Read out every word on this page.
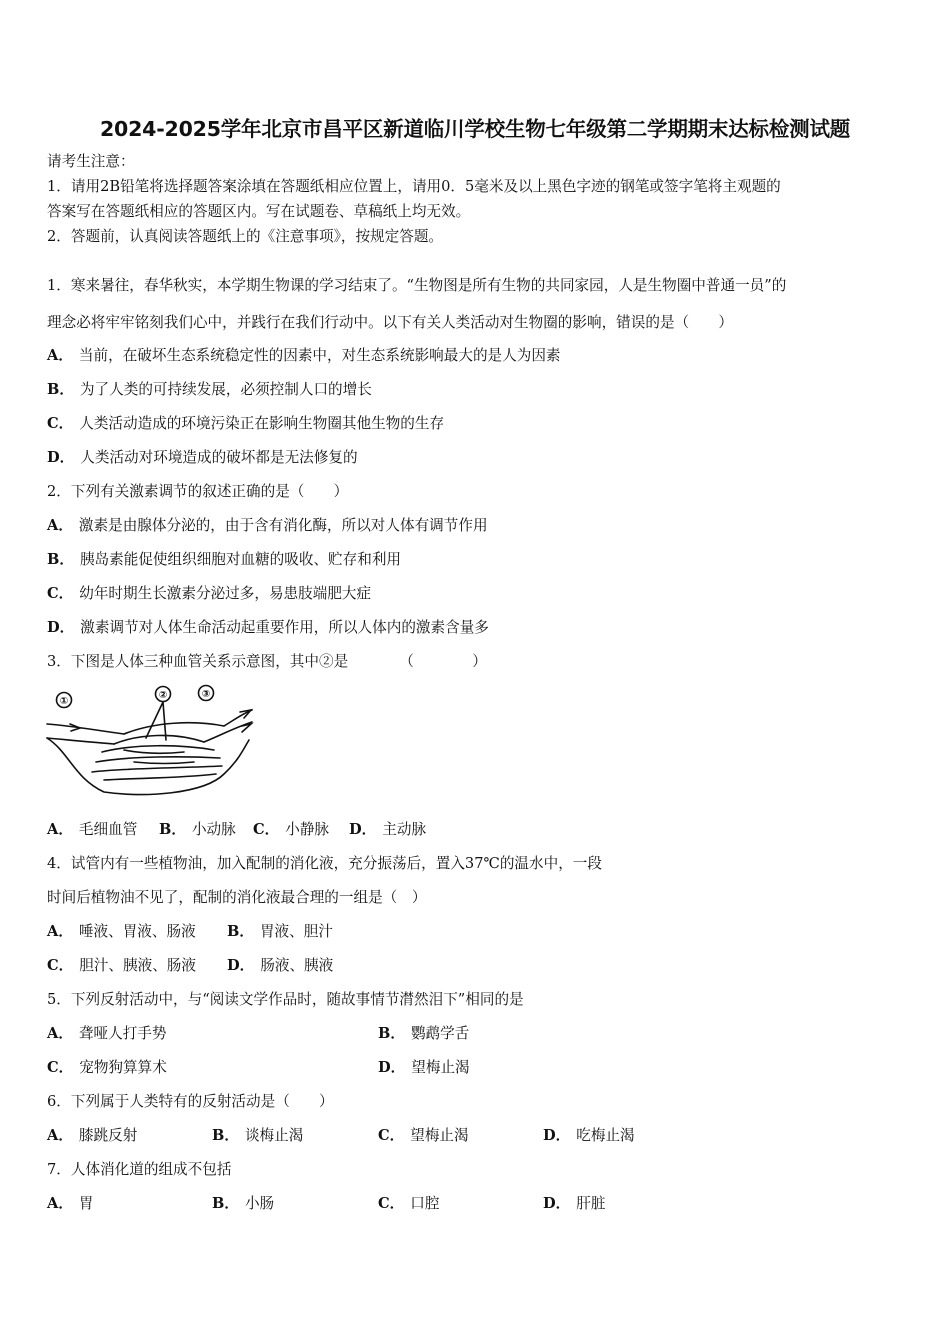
2024-2025学年北京市昌平区新道临川学校生物七年级第二学期期末达标检测试题
请考生注意：
1．请用2B铅笔将选择题答案涂填在答题纸相应位置上，请用0．5毫米及以上黑色字迹的钢笔或签字笔将主观题的
答案写在答题纸相应的答题区内。写在试题卷、草稿纸上均无效。
2．答题前，认真阅读答题纸上的《注意事项》，按规定答题。
1．寒来暑往，春华秋实，本学期生物课的学习结束了。“生物图是所有生物的共同家园，人是生物圈中普通一员”的
理念必将牢牢铭刻我们心中，并践行在我们行动中。以下有关人类活动对生物圈的影响，错误的是（　　）
A． 当前，在破坏生态系统稳定性的因素中，对生态系统影响最大的是人为因素
B． 为了人类的可持续发展，必须控制人口的增长
C． 人类活动造成的环境污染正在影响生物圈其他生物的生存
D． 人类活动对环境造成的破坏都是无法修复的
2．下列有关激素调节的叙述正确的是（　　）
A． 激素是由腺体分泌的，由于含有消化酶，所以对人体有调节作用
B． 胰岛素能促使组织细胞对血糖的吸收、贮存和利用
C． 幼年时期生长激素分泌过多，易患肢端肥大症
D． 激素调节对人体生命活动起重要作用，所以人体内的激素含量多
3．下图是人体三种血管关系示意图，其中②是　　　　（　　　　）
①
②	③
A． 毛细血管 B． 小动脉 C． 小静脉 D． 主动脉
4．试管内有一些植物油，加入配制的消化液，充分振荡后，置入37℃的温水中，一段
时间后植物油不见了，配制的消化液最合理的一组是（　）
A． 唾液、胃液、肠液 B． 胃液、胆汁
C． 胆汁、胰液、肠液 D． 肠液、胰液
5．下列反射活动中，与“阅读文学作品时，随故事情节潸然泪下”相同的是
A． 聋哑人打手势	B． 鹦鹉学舌
C． 宠物狗算算术	D． 望梅止渴
6．下列属于人类特有的反射活动是（　　）
A． 膝跳反射	B． 谈梅止渴	C． 望梅止渴	D． 吃梅止渴
7．人体消化道的组成不包括
A． 胃	B． 小肠	C． 口腔	D． 肝脏
